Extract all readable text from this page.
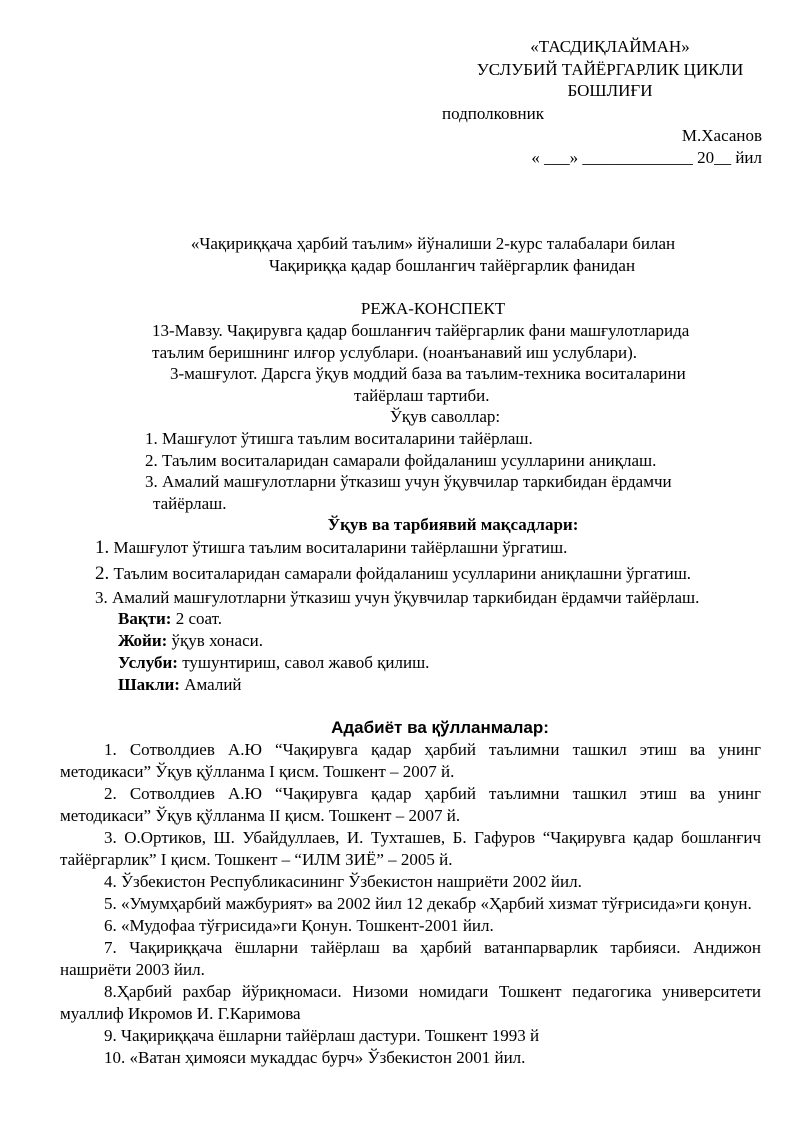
«ТАСДИҚЛАЙМАН»
УСЛУБИЙ ТАЙЁРГАРЛИК ЦИКЛИ
БОШЛИҒИ
подполковник
М.Хасанов
« ___» _____________ 20__ йил
«Чақириққача ҳарбий таълим» йўналиши 2-курс талабалари билан
Чақириққа қадар бошлангич тайёргарлик фанидан
РЕЖА-КОНСПЕКТ
13-Мавзу. Чақирувга қадар бошланғич тайёргарлик фани машғулотларида
таълим беришнинг илғор услублари. (ноанъанавий иш услублари).
3-машғулот. Дарсга ўқув моддий база ва таълим-техника воситаларини
тайёрлаш тартиби.
Ўқув саволлар:
1. Машғулот ўтишга таълим воситаларини тайёрлаш.
2. Таълим воситаларидан самарали фойдаланиш усулларини аниқлаш.
3. Амалий машғулотларни ўтказиш учун ўқувчилар таркибидан ёрдамчи
тайёрлаш.
Ўқув ва тарбиявий мақсадлари:
1. Машғулот ўтишга таълим воситаларини тайёрлашни ўргатиш.
2. Таълим воситаларидан самарали фойдаланиш усулларини аниқлашни ўргатиш.
3. Амалий машғулотларни ўтказиш учун ўқувчилар таркибидан ёрдамчи тайёрлаш.
Вақти: 2 соат.
Жойи: ўқув хонаси.
Услуби: тушунтириш, савол жавоб қилиш.
Шакли: Амалий
Адабиёт ва қўлланмалар:

1. Сотволдиев А.Ю “Чақирувга қадар ҳарбий таълимни ташкил этиш ва унинг методикаси” Ўқув қўлланма I қисм. Тошкент – 2007 й.

2. Сотволдиев А.Ю “Чақирувга қадар ҳарбий таълимни ташкил этиш ва унинг методикаси” Ўқув қўлланма II қисм. Тошкент – 2007 й.

3. О.Ортиков, Ш. Убайдуллаев, И. Тухташев, Б. Гафуров “Чақирувга қадар бошланғич тайёргарлик” I қисм. Тошкент – “ИЛМ ЗИЁ” – 2005 й.

4. Ўзбекистон Республикасининг Ўзбекистон нашриёти 2002 йил.

5. «Умумҳарбий мажбурият» ва 2002 йил 12 декабр «Ҳарбий хизмат тўғрисида»ги қонун.

6. «Мудофаа тўғрисида»ги Қонун. Тошкент-2001 йил.

7. Чақириққача ёшларни тайёрлаш ва ҳарбий ватанпарварлик тарбияси. Андижон нашриёти 2003 йил.

8.Ҳарбий рахбар йўриқномаси. Низоми номидаги Тошкент педагогика университети муаллиф Икромов И. Г.Каримова

9. Чақириққача ёшларни тайёрлаш дастури. Тошкент 1993 й

10. «Ватан ҳимояси мукаддас бурч» Ўзбекистон 2001 йил.
